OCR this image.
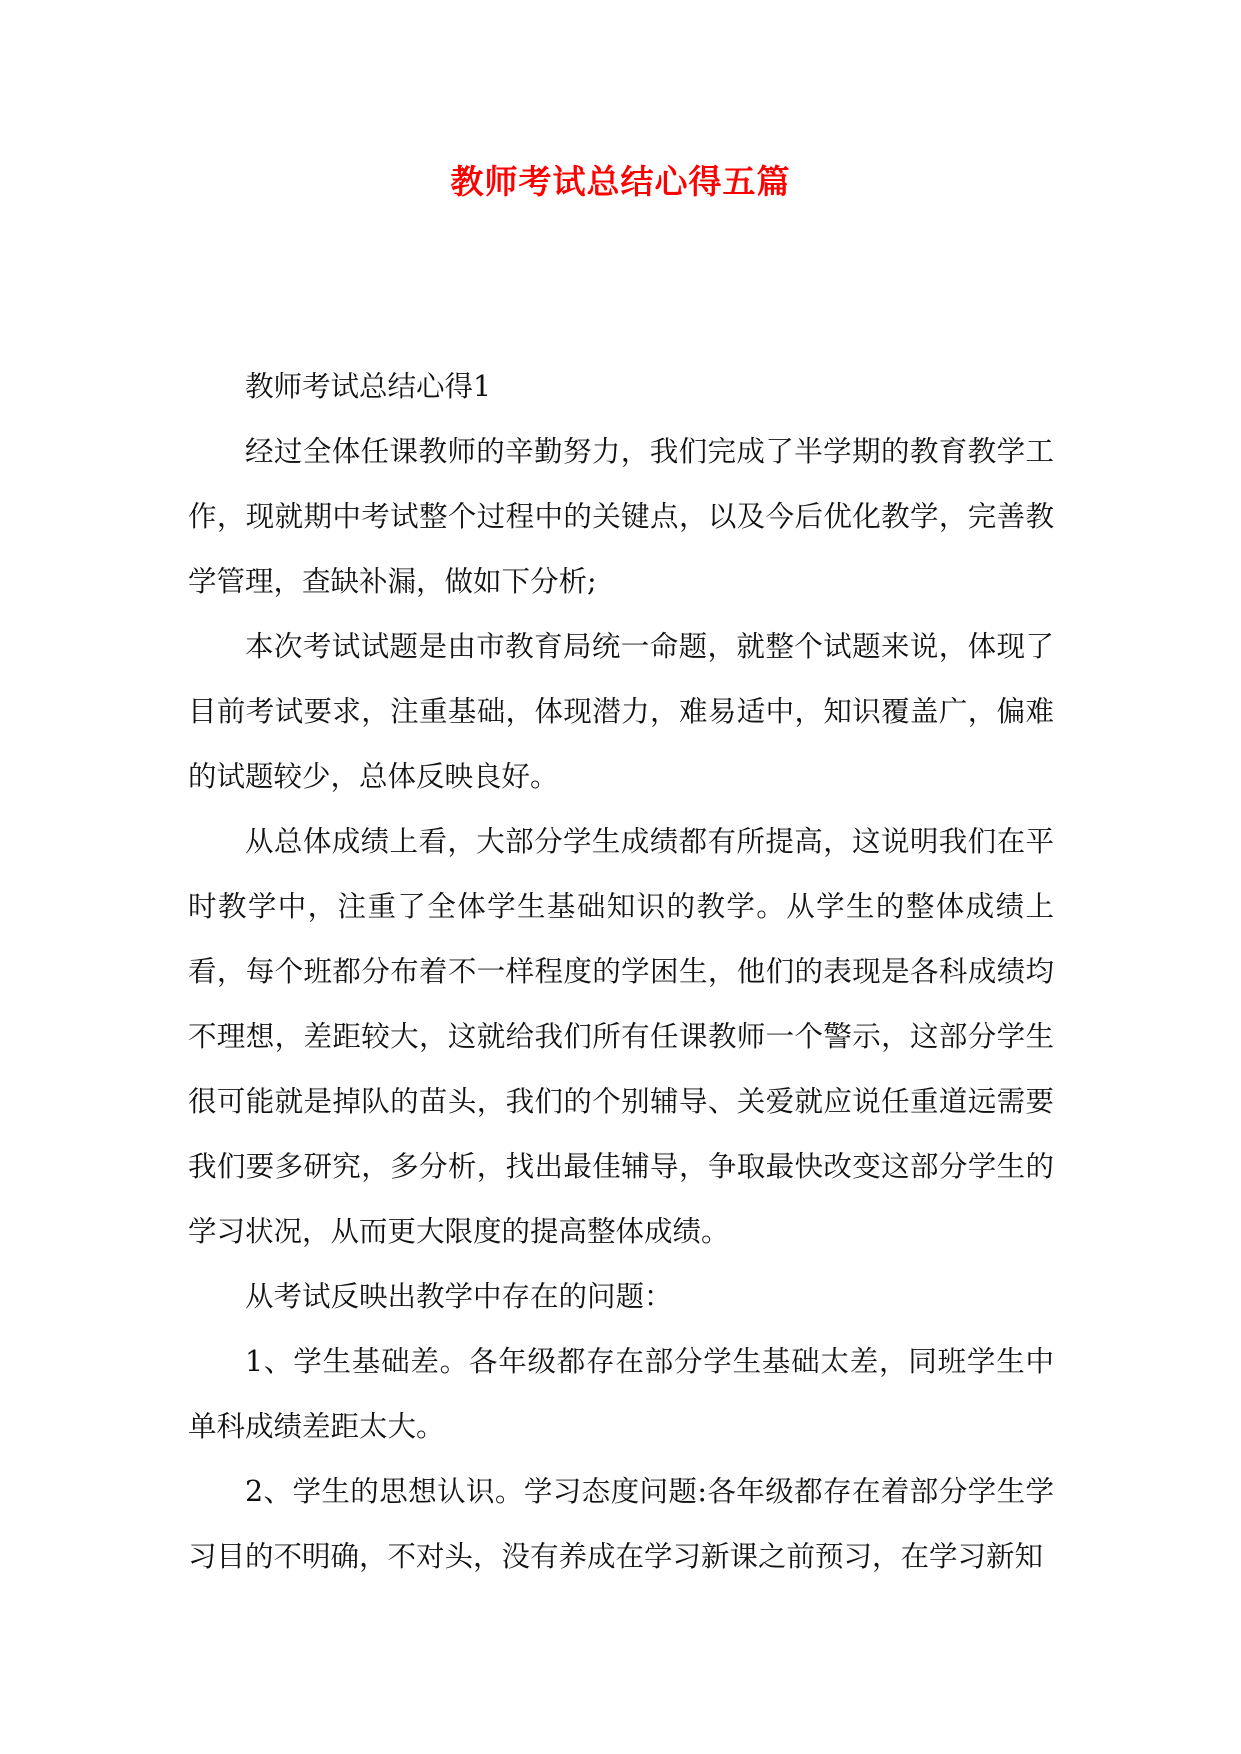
教师考试总结心得五篇

教师考试总结心得1

经过全体任课教师的辛勤努力，我们完成了半学期的教育教学工作，现就期中考试整个过程中的关键点，以及今后优化教学，完善教学管理，查缺补漏，做如下分析;

本次考试试题是由市教育局统一命题，就整个试题来说，体现了目前考试要求，注重基础，体现潜力，难易适中，知识覆盖广，偏难的试题较少，总体反映良好。

从总体成绩上看，大部分学生成绩都有所提高，这说明我们在平时教学中，注重了全体学生基础知识的教学。从学生的整体成绩上看，每个班都分布着不一样程度的学困生，他们的表现是各科成绩均不理想，差距较大，这就给我们所有任课教师一个警示，这部分学生很可能就是掉队的苗头，我们的个别辅导、关爱就应说任重道远需要我们要多研究，多分析，找出最佳辅导，争取最快改变这部分学生的学习状况，从而更大限度的提高整体成绩。

从考试反映出教学中存在的问题：

1、学生基础差。各年级都存在部分学生基础太差，同班学生中单科成绩差距太大。

2、学生的思想认识。学习态度问题:各年级都存在着部分学生学习目的不明确，不对头，没有养成在学习新课之前预习，在学习新知
